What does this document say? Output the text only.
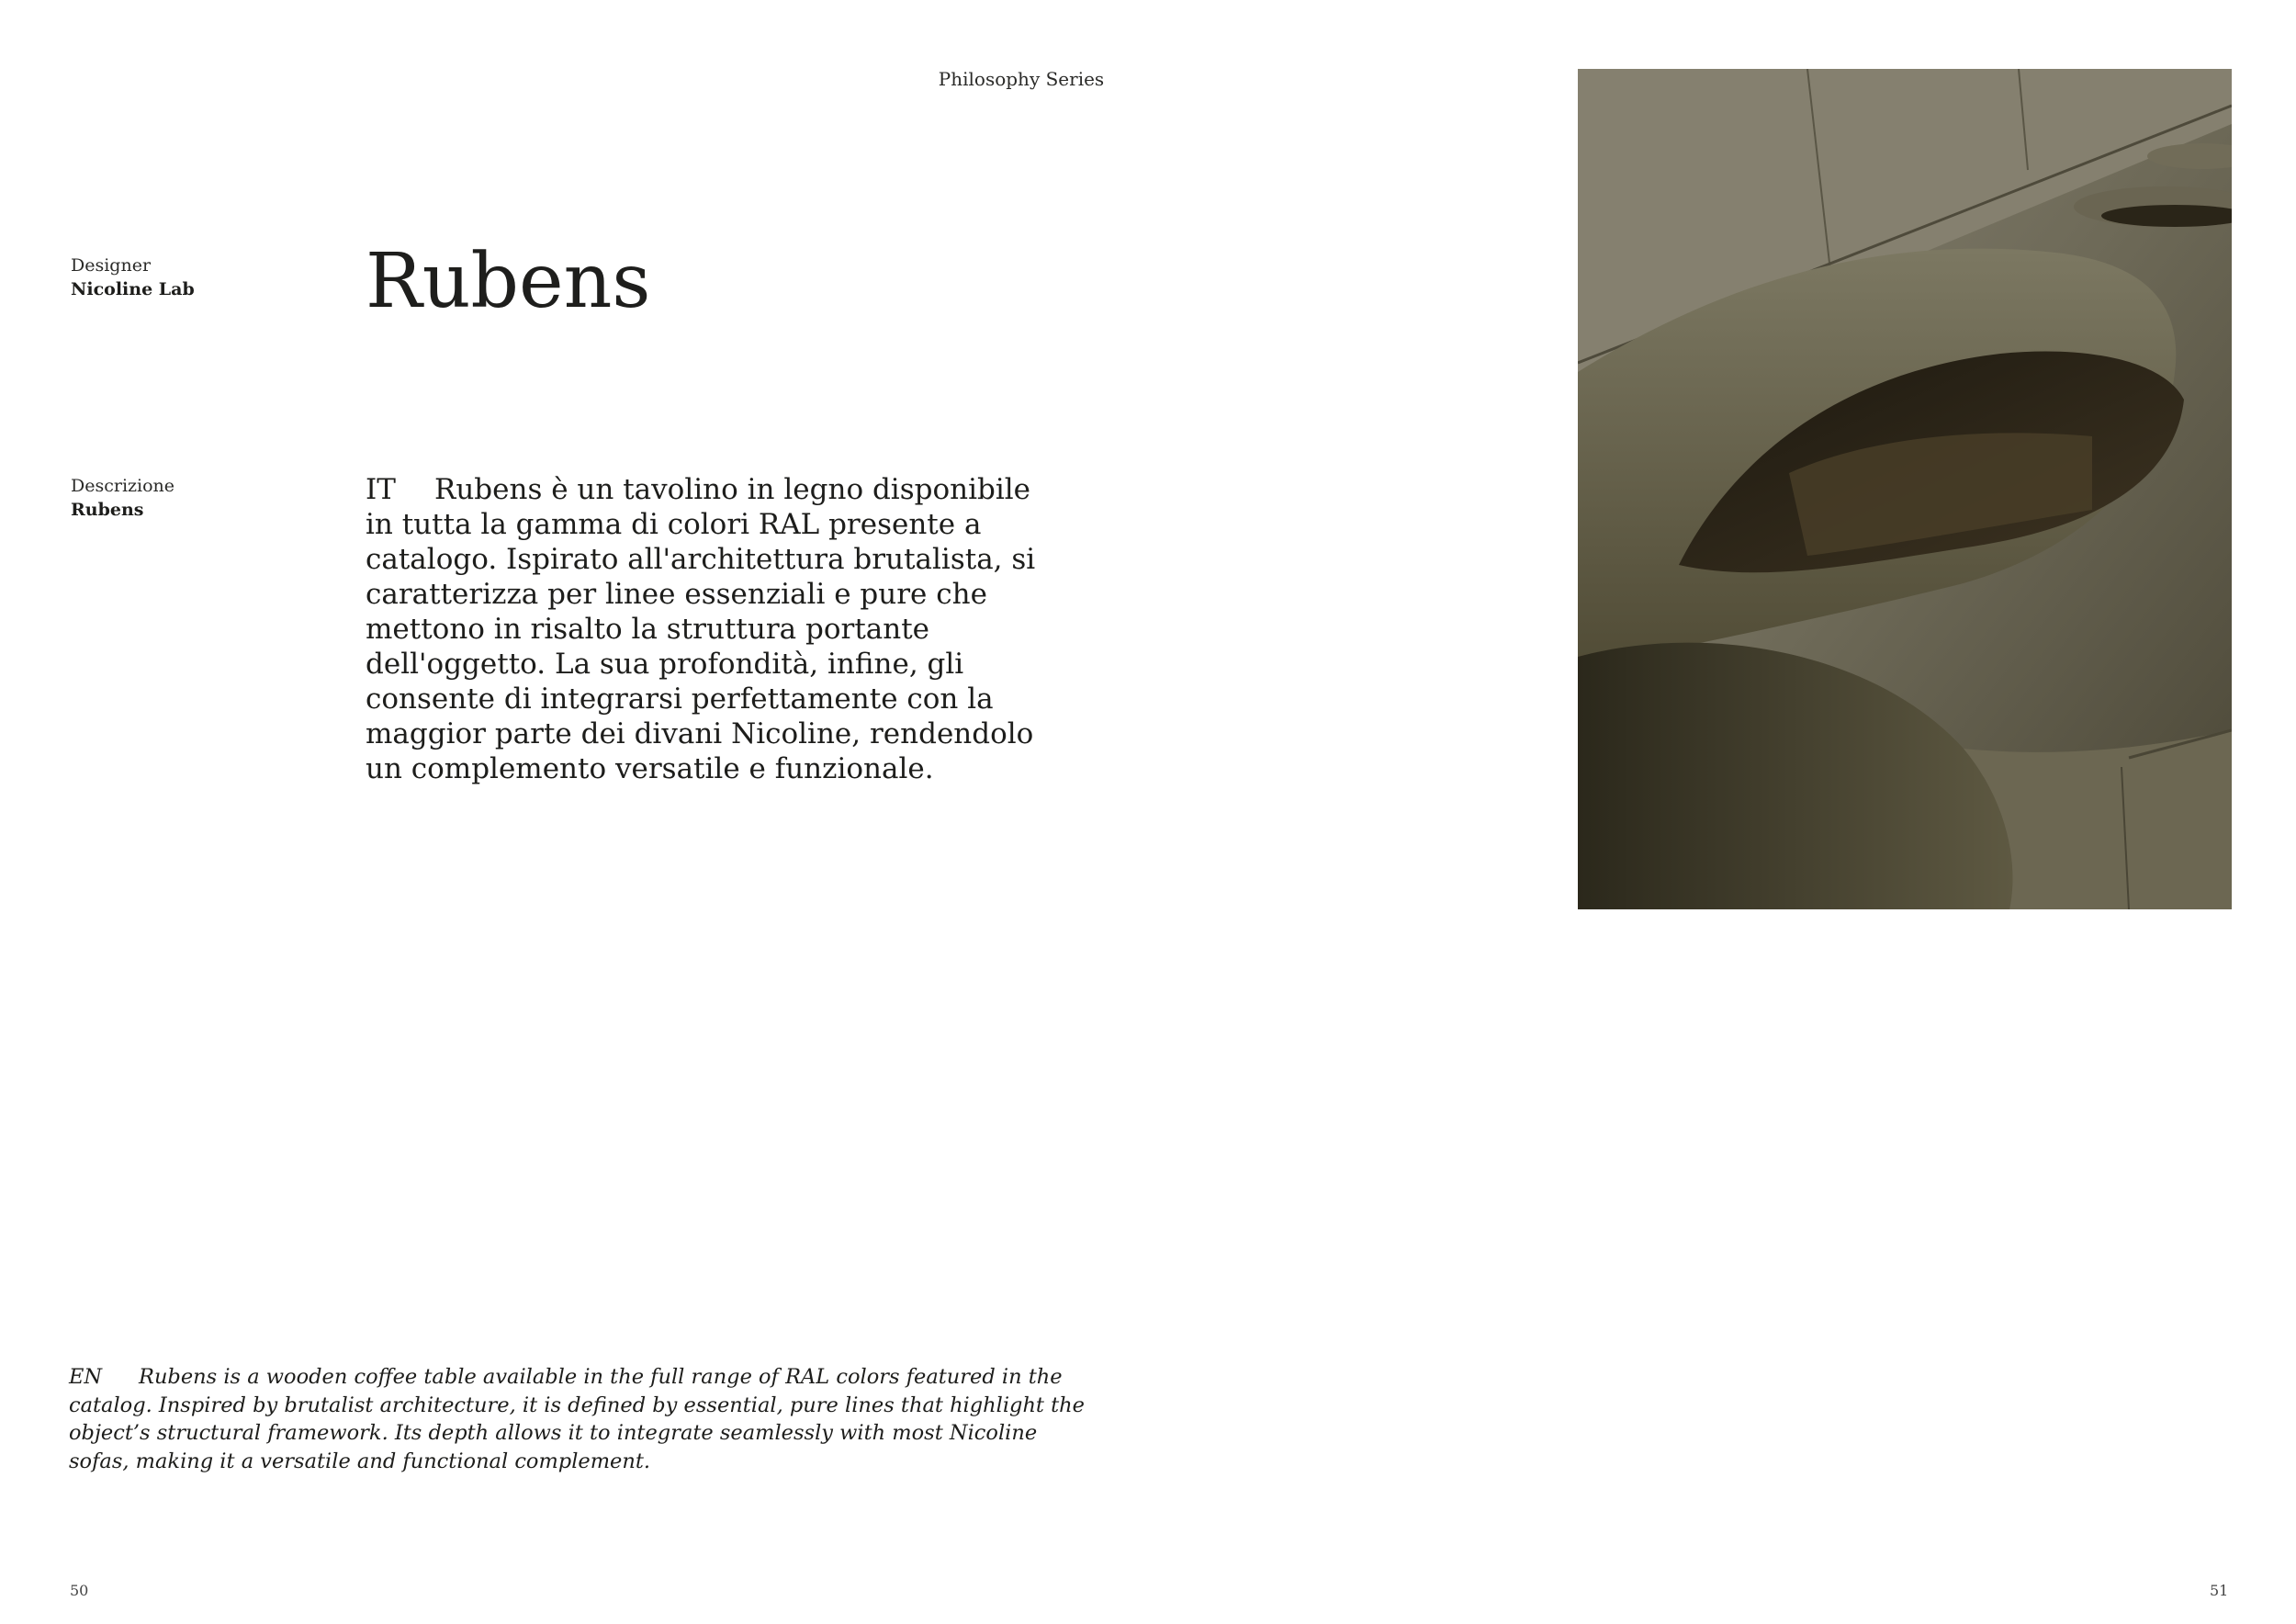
Philosophy Series
Designer
Nicoline Lab Rubens
Descrizione
Rubens

IT Rubens è un tavolino in legno disponibile in tutta la gamma di colori RAL presente a catalogo. Ispirato all'architettura brutalista, si caratterizza per linee essenziali e pure che mettono in risalto la struttura portante dell'oggetto. La sua profondità, infine, gli consente di integrarsi perfettamente con la maggior parte dei divani Nicoline, rendendolo un complemento versatile e funzionale.

EN Rubens is a wooden coffee table available in the full range of RAL colors featured in the catalog. Inspired by brutalist architecture, it is defined by essential, pure lines that highlight the object’s structural framework. Its depth allows it to integrate seamlessly with most Nicoline sofas, making it a versatile and functional complement.

50	51
